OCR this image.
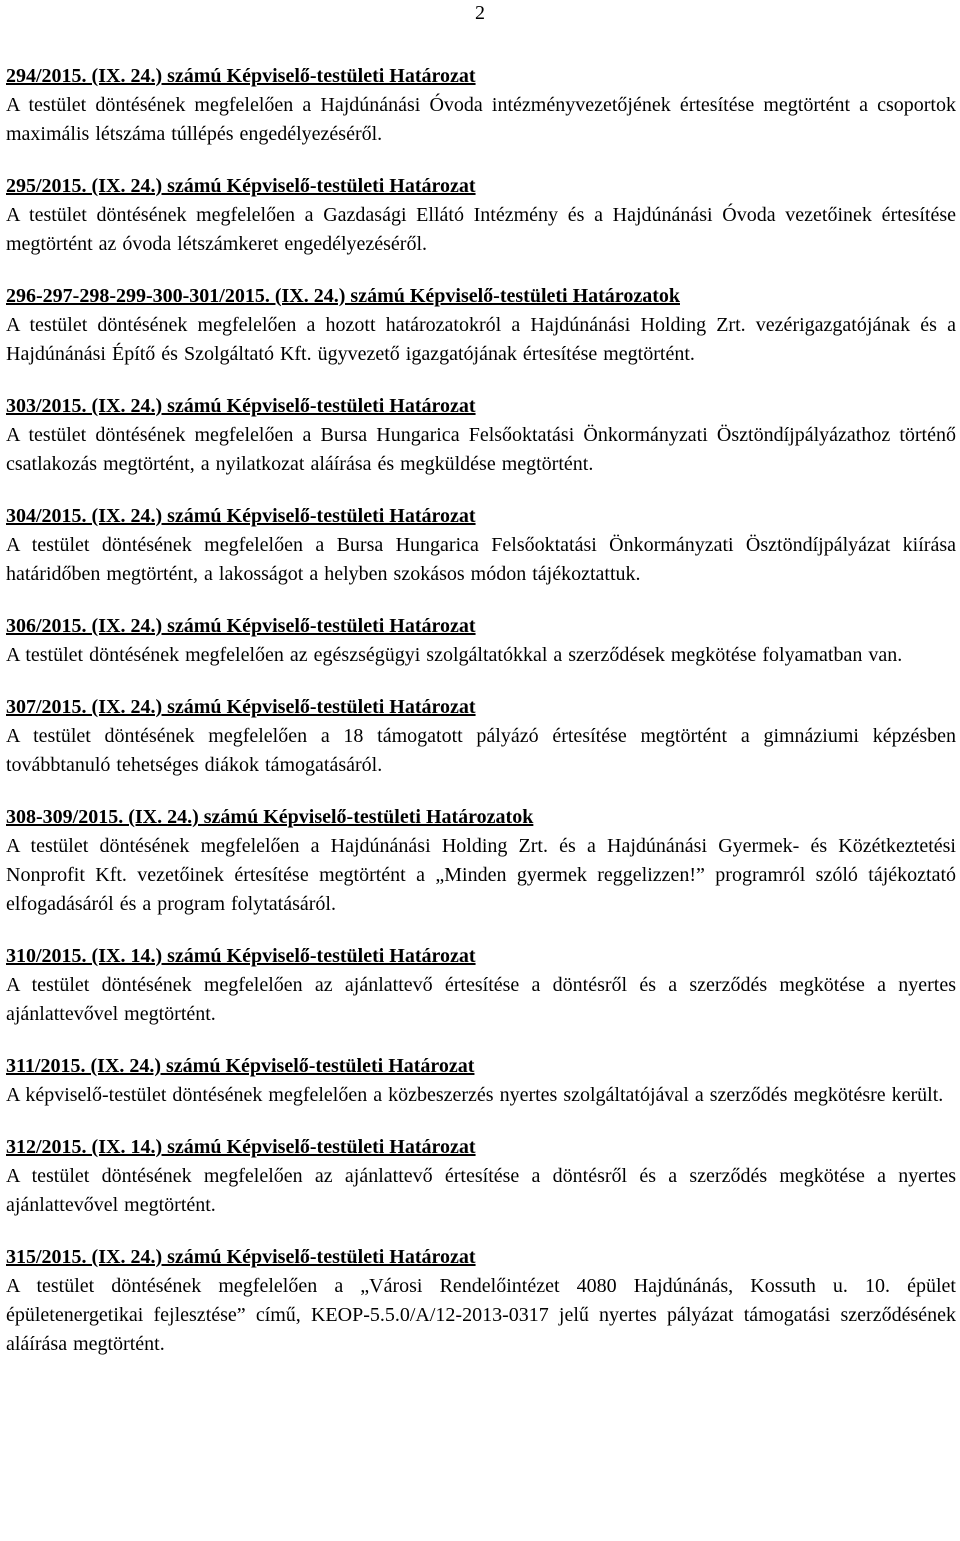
2

294/2015. (IX. 24.) számú Képviselő-testületi Határozat

A testület döntésének megfelelően a Hajdúnánási Óvoda intézményvezetőjének értesítése megtörtént a csoportok maximális létszáma túllépés engedélyezéséről.

295/2015. (IX. 24.) számú Képviselő-testületi Határozat

A testület döntésének megfelelően a Gazdasági Ellátó Intézmény és a Hajdúnánási Óvoda vezetőinek értesítése megtörtént az óvoda létszámkeret engedélyezéséről.

296-297-298-299-300-301/2015. (IX. 24.) számú Képviselő-testületi Határozatok

A testület döntésének megfelelően a hozott határozatokról a Hajdúnánási Holding Zrt. vezérigazgatójának és a Hajdúnánási Építő és Szolgáltató Kft. ügyvezető igazgatójának értesítése megtörtént.

303/2015. (IX. 24.) számú Képviselő-testületi Határozat

A testület döntésének megfelelően a Bursa Hungarica Felsőoktatási Önkormányzati Ösztöndíjpályázathoz történő csatlakozás megtörtént, a nyilatkozat aláírása és megküldése megtörtént.

304/2015. (IX. 24.) számú Képviselő-testületi Határozat

A testület döntésének megfelelően a Bursa Hungarica Felsőoktatási Önkormányzati Ösztöndíjpályázat kiírása határidőben megtörtént, a lakosságot a helyben szokásos módon tájékoztattuk.

306/2015. (IX. 24.) számú Képviselő-testületi Határozat

A testület döntésének megfelelően az egészségügyi szolgáltatókkal a szerződések megkötése folyamatban van.

307/2015. (IX. 24.) számú Képviselő-testületi Határozat

A testület döntésének megfelelően a 18 támogatott pályázó értesítése megtörtént a gimnáziumi képzésben továbbtanuló tehetséges diákok támogatásáról.

308-309/2015. (IX. 24.) számú Képviselő-testületi Határozatok

A testület döntésének megfelelően a Hajdúnánási Holding Zrt. és a Hajdúnánási Gyermek- és Közétkeztetési Nonprofit Kft. vezetőinek értesítése megtörtént a „Minden gyermek reggelizzen!” programról szóló tájékoztató elfogadásáról és a program folytatásáról.

310/2015. (IX. 14.) számú Képviselő-testületi Határozat

A testület döntésének megfelelően az ajánlattevő értesítése a döntésről és a szerződés megkötése a nyertes ajánlattevővel megtörtént.

311/2015. (IX. 24.) számú Képviselő-testületi Határozat

A képviselő-testület döntésének megfelelően a közbeszerzés nyertes szolgáltatójával a szerződés megkötésre került.

312/2015. (IX. 14.) számú Képviselő-testületi Határozat

A testület döntésének megfelelően az ajánlattevő értesítése a döntésről és a szerződés megkötése a nyertes ajánlattevővel megtörtént.

315/2015. (IX. 24.) számú Képviselő-testületi Határozat

A testület döntésének megfelelően a „Városi Rendelőintézet 4080 Hajdúnánás, Kossuth u. 10. épület épületenergetikai fejlesztése” című, KEOP-5.5.0/A/12-2013-0317 jelű nyertes pályázat támogatási szerződésének aláírása megtörtént.
